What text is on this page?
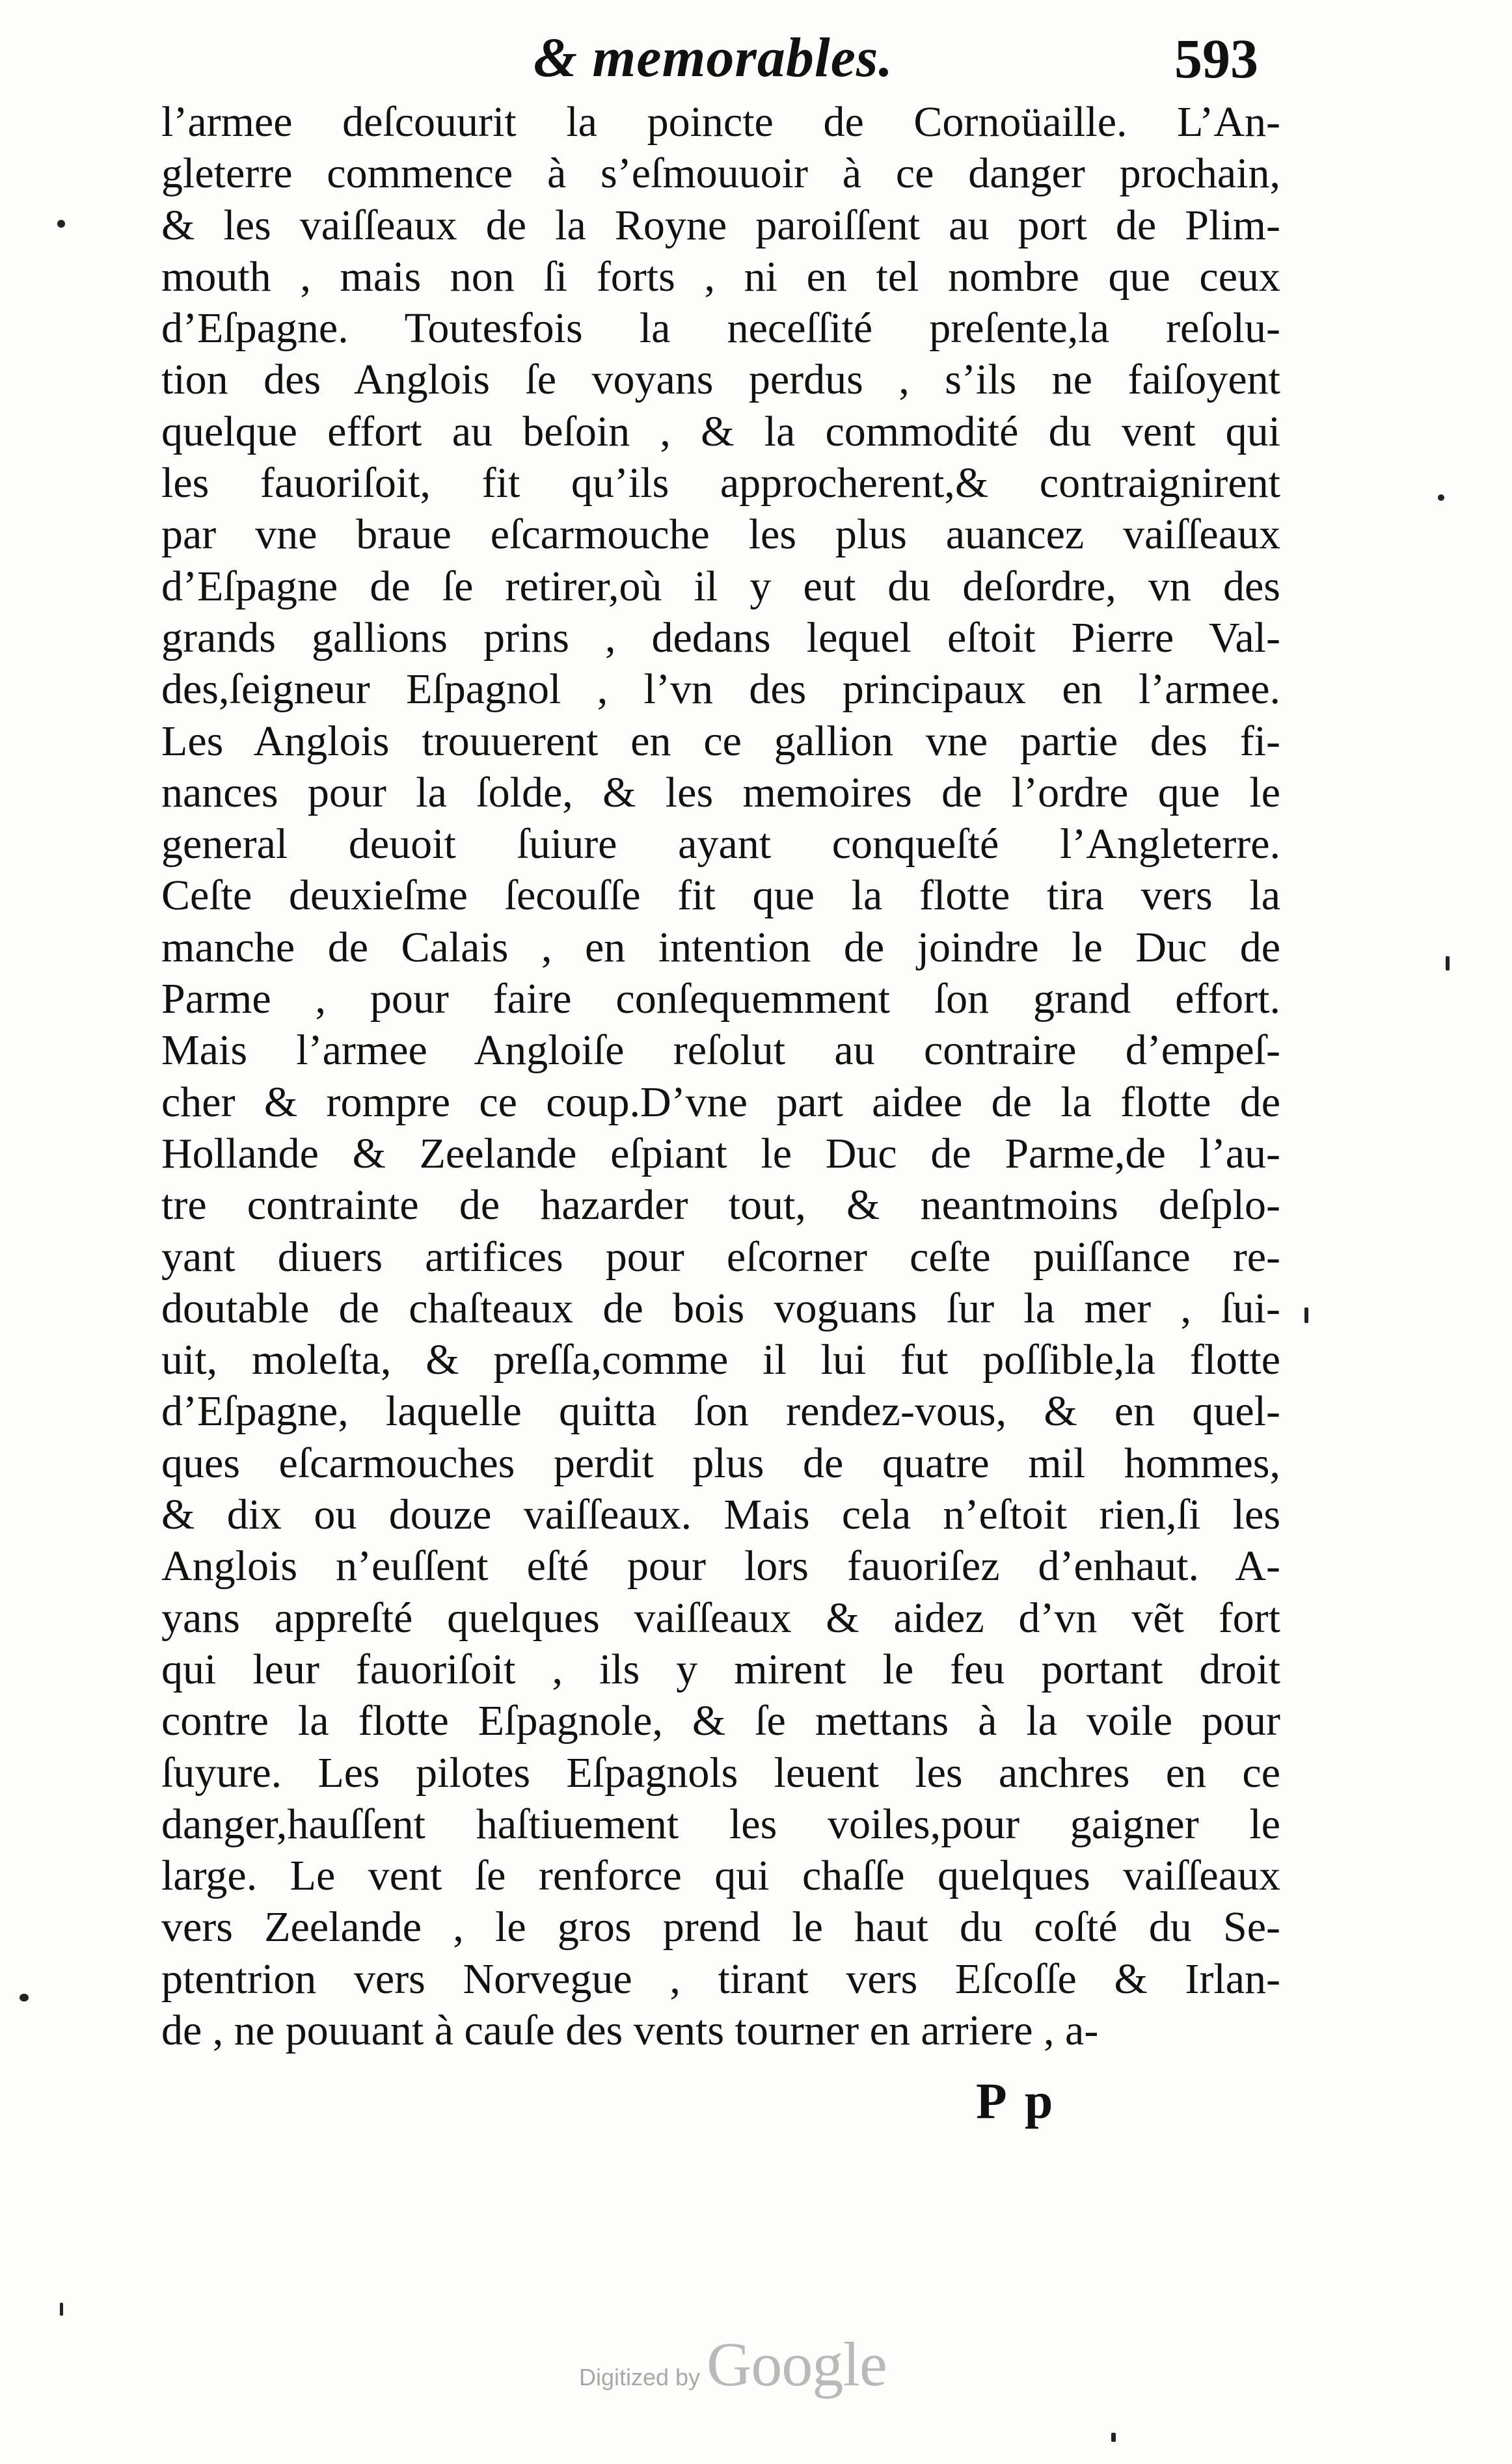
& memorables.	593
l’armee deſcouurit la poincte de Cornoüaille. L’An-
gleterre commence à s’eſmouuoir à ce danger prochain,
& les vaiſſeaux de la Royne paroiſſent au port de Plim-
mouth , mais non ſi forts , ni en tel nombre que ceux
d’Eſpagne. Toutesfois la neceſſité preſente,la reſolu-
tion des Anglois ſe voyans perdus , s’ils ne faiſoyent
quelque effort au beſoin , & la commodité du vent qui
les fauoriſoit, fit qu’ils approcherent,& contraignirent
par vne braue eſcarmouche les plus auancez vaiſſeaux
d’Eſpagne de ſe retirer,où il y eut du deſordre, vn des
grands gallions prins , dedans lequel eſtoit Pierre Val-
des,ſeigneur Eſpagnol , l’vn des principaux en l’armee.
Les Anglois trouuerent en ce gallion vne partie des fi-
nances pour la ſolde, & les memoires de l’ordre que le
general deuoit ſuiure ayant conqueſté l’Angleterre.
Ceſte deuxieſme ſecouſſe fit que la flotte tira vers la
manche de Calais , en intention de joindre le Duc de
Parme , pour faire conſequemment ſon grand effort.
Mais l’armee Angloiſe reſolut au contraire d’empeſ-
cher & rompre ce coup.D’vne part aidee de la flotte de
Hollande & Zeelande eſpiant le Duc de Parme,de l’au-
tre contrainte de hazarder tout, & neantmoins deſplo-
yant diuers artifices pour eſcorner ceſte puiſſance re-
doutable de chaſteaux de bois voguans ſur la mer , ſui-
uit, moleſta, & preſſa,comme il lui fut poſſible,la flotte
d’Eſpagne, laquelle quitta ſon rendez-vous, & en quel-
ques eſcarmouches perdit plus de quatre mil hommes,
& dix ou douze vaiſſeaux. Mais cela n’eſtoit rien,ſi les
Anglois n’euſſent eſté pour lors fauoriſez d’enhaut. A-
yans appreſté quelques vaiſſeaux & aidez d’vn vẽt fort
qui leur fauoriſoit , ils y mirent le feu portant droit
contre la flotte Eſpagnole, & ſe mettans à la voile pour
ſuyure. Les pilotes Eſpagnols leuent les anchres en ce
danger,hauſſent haſtiuement les voiles,pour gaigner le
large. Le vent ſe renforce qui chaſſe quelques vaiſſeaux
vers Zeelande , le gros prend le haut du coſté du Se-
ptentrion vers Norvegue , tirant vers Eſcoſſe & Irlan-
de , ne pouuant à cauſe des vents tourner en arriere , a-
P p
Digitized by Google
